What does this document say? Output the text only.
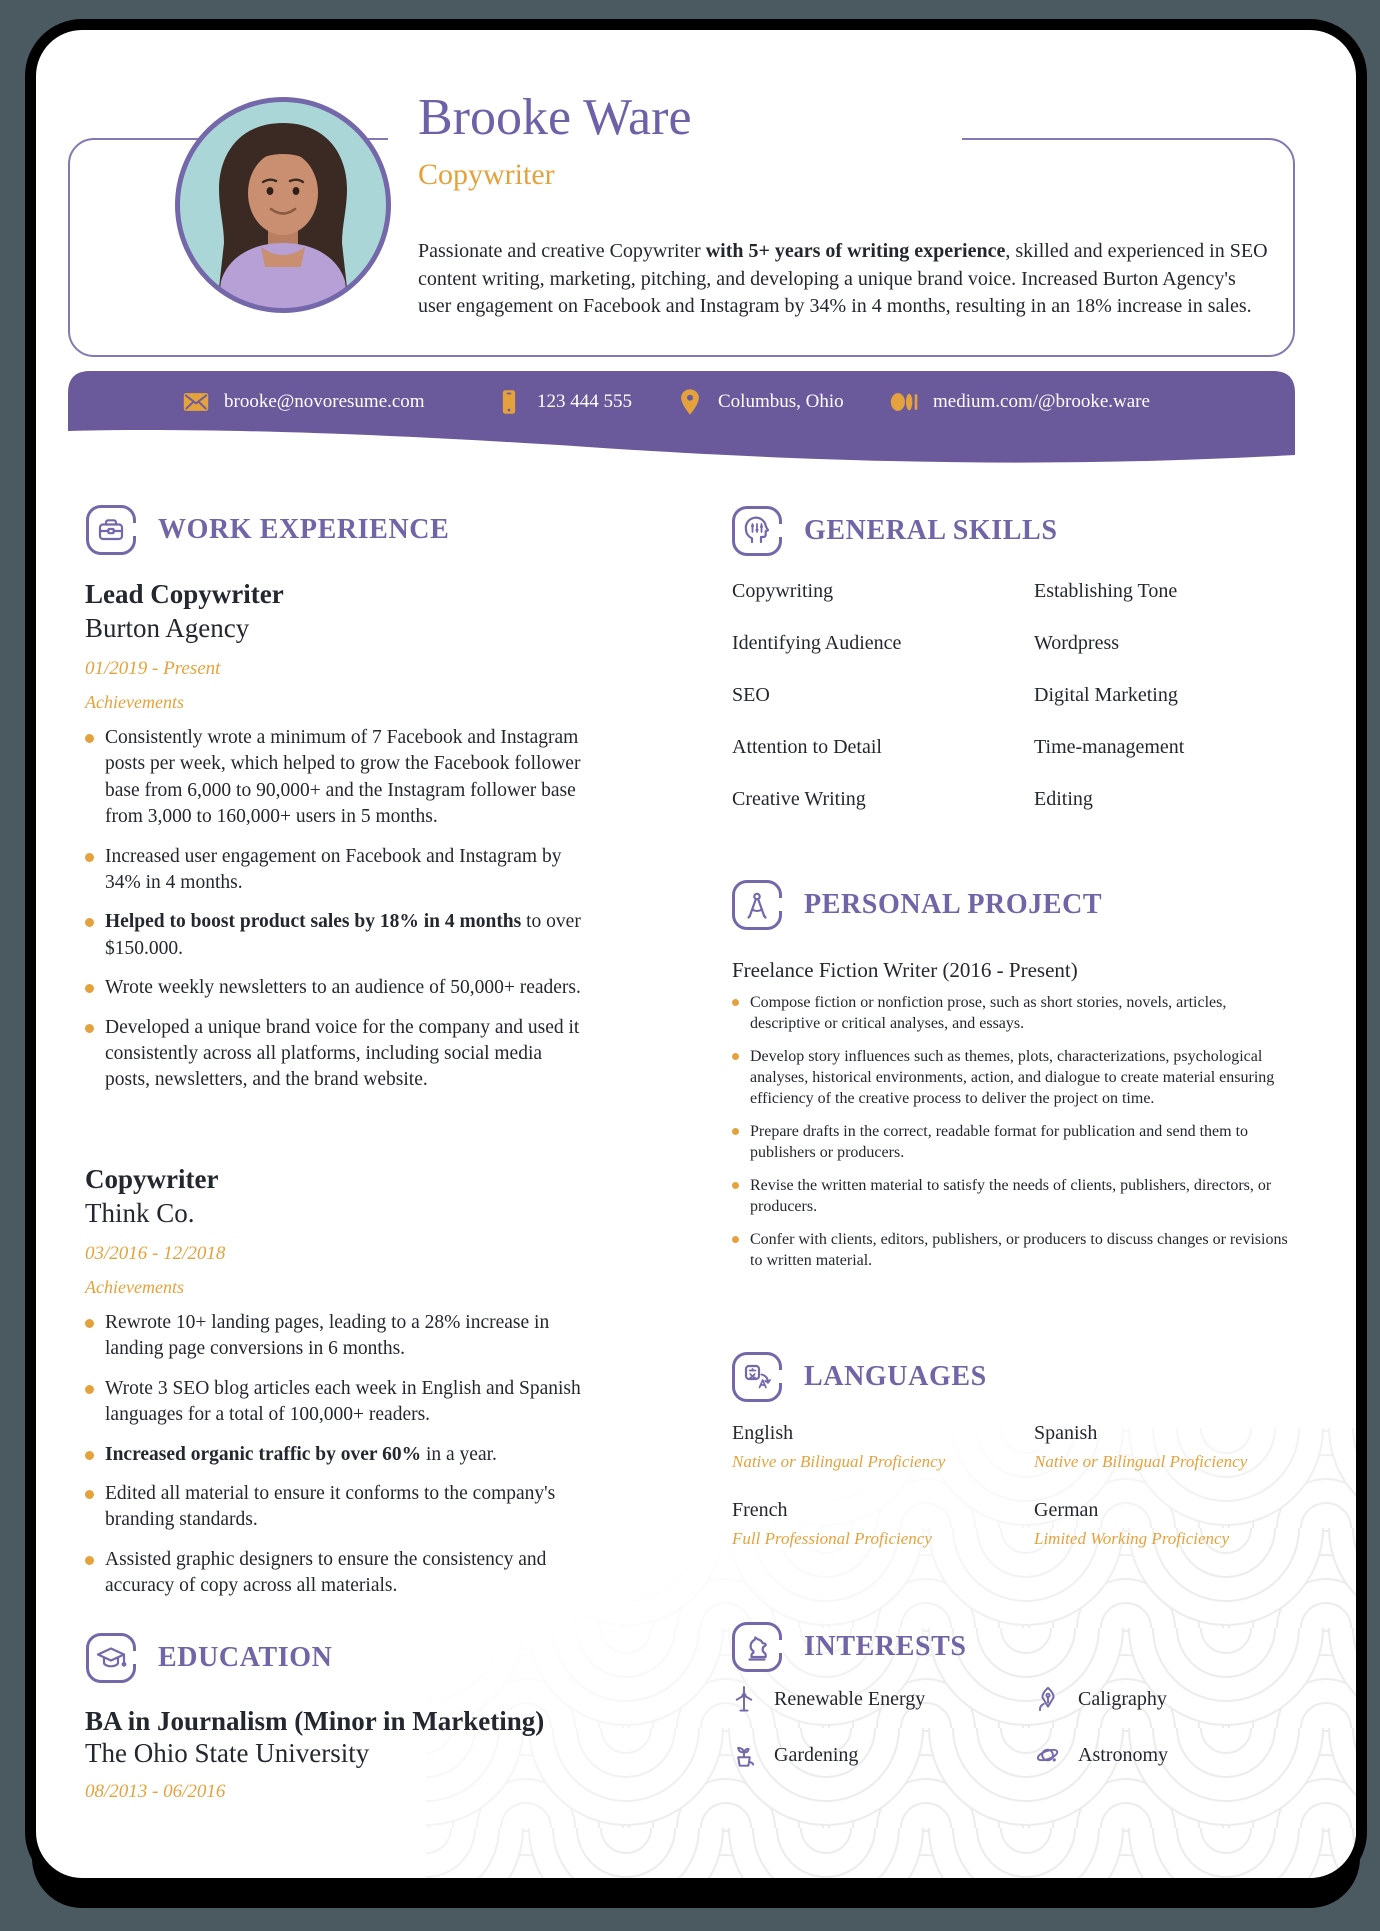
Brooke Ware
Copywriter

Passionate and creative Copywriter with 5+ years of writing experience, skilled and experienced in SEO content writing, marketing, pitching, and developing a unique brand voice. Increased Burton Agency's user engagement on Facebook and Instagram by 34% in 4 months, resulting in an 18% increase in sales.

brooke@novoresume.com	123 444 555	Columbus, Ohio	medium.com/@brooke.ware
WORK EXPERIENCE
Lead Copywriter
Burton Agency
01/2019 - Present
Achievements
Consistently wrote a minimum of 7 Facebook and Instagram posts per week, which helped to grow the Facebook follower base from 6,000 to 90,000+ and the Instagram follower base from 3,000 to 160,000+ users in 5 months.
Increased user engagement on Facebook and Instagram by 34% in 4 months.
Helped to boost product sales by 18% in 4 months to over $150.000.
Wrote weekly newsletters to an audience of 50,000+ readers.
Developed a unique brand voice for the company and used it consistently across all platforms, including social media posts, newsletters, and the brand website.
Copywriter
Think Co.
03/2016 - 12/2018
Achievements
Rewrote 10+ landing pages, leading to a 28% increase in landing page conversions in 6 months.
Wrote 3 SEO blog articles each week in English and Spanish languages for a total of 100,000+ readers.
Increased organic traffic by over 60% in a year.
Edited all material to ensure it conforms to the company's branding standards.
Assisted graphic designers to ensure the consistency and accuracy of copy across all materials.
EDUCATION
BA in Journalism (Minor in Marketing)
The Ohio State University
08/2013 - 06/2016
GENERAL SKILLS
Copywriting	Establishing Tone
Identifying Audience	Wordpress
SEO	Digital Marketing
Attention to Detail	Time-management
Creative Writing	Editing
PERSONAL PROJECT
Freelance Fiction Writer (2016 - Present)
Compose fiction or nonfiction prose, such as short stories, novels, articles, descriptive or critical analyses, and essays.
Develop story influences such as themes, plots, characterizations, psychological analyses, historical environments, action, and dialogue to create material ensuring efficiency of the creative process to deliver the project on time.
Prepare drafts in the correct, readable format for publication and send them to publishers or producers.
Revise the written material to satisfy the needs of clients, publishers, directors, or producers.
Confer with clients, editors, publishers, or producers to discuss changes or revisions to written material.
LANGUAGES
English
Native or Bilingual Proficiency
Spanish
Native or Bilingual Proficiency
French
Full Professional Proficiency
German
Limited Working Proficiency
INTERESTS
Renewable Energy	Caligraphy
Gardening	Astronomy
